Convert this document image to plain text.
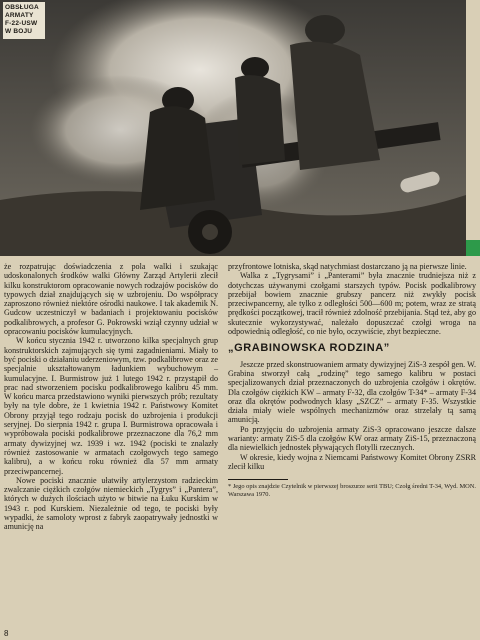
OBSŁUGA
ARMATY
F-22-USW
W BOJU

że rozpatrując doświadczenia z pola walki i szukając udoskonalonych środków walki Główny Zarząd Artylerii zlecił kilku konstruktorom opracowanie nowych rodzajów pocisków do typowych dział znajdujących się w uzbrojeniu. Do współpracy zaproszono również niektóre ośrodki naukowe. I tak akademik N. Gudcow uczestniczył w badaniach i projektowaniu pocisków podkalibrowych, a profesor G. Pokrowski wziął czynny udział w opracowaniu pocisków kumulacyjnych.

W końcu stycznia 1942 r. utworzono kilka specjalnych grup konstruktorskich zajmujących się tymi zagadnieniami. Miały to być pociski o działaniu uderzeniowym, tzw. podkalibrowe oraz ze specjalnie ukształtowanym ładunkiem wybuchowym – kumulacyjne. I. Burmistrow już 1 lutego 1942 r. przystąpił do prac nad stworzeniem pocisku podkalibrowego kalibru 45 mm. W końcu marca przedstawiono wyniki pierwszych prób; rezultaty były na tyle dobre, że 1 kwietnia 1942 r. Państwowy Komitet Obrony przyjął tego rodzaju pocisk do uzbrojenia i produkcji seryjnej. Do sierpnia 1942 r. grupa I. Burmistrowa opracowała i wypróbowała pociski podkalibrowe przeznaczone dla 76,2 mm armaty dywizyjnej wz. 1939 i wz. 1942 (pociski te znalazły również zastosowanie w armatach czołgowych tego samego kalibru), a w końcu roku również dla 57 mm armaty przeciwpancernej.

Nowe pociski znacznie ułatwiły artylerzystom radzieckim zwalczanie ciężkich czołgów niemieckich „Tygrys” i „Pantera”, których w dużych ilościach użyto w bitwie na Łuku Kurskim w 1943 r. pod Kurskiem. Niezależnie od tego, te pociski były wypadki, że samoloty wprost z fabryk zaopatrywały jednostki w amunicję na

przyfrontowe lotniska, skąd natychmiast dostarczano ją na pierwsze linie.

Walka z „Tygrysami” i „Panterami” była znacznie trudniejsza niż z dotychczas używanymi czołgami starszych typów. Pocisk podkalibrowy przebijał bowiem znacznie grubszy pancerz niż zwykły pocisk przeciwpancerny, ale tylko z odległości 500—600 m; potem, wraz ze stratą prędkości początkowej, tracił również zdolność przebijania. Stąd też, aby go skutecznie wykorzystywać, należało dopuszczać czołgi wroga na odpowiednią odległość, co nie było, oczywiście, zbyt bezpieczne.

„GRABINOWSKA RODZINA”

Jeszcze przed skonstruowaniem armaty dywizyjnej ZiS-3 zespół gen. W. Grabina stworzył całą „rodzinę” tego samego kalibru w postaci specjalizowanych dział przeznaczonych do uzbrojenia czołgów i okrętów. Dla czołgów ciężkich KW – armaty F-32, dla czołgów T-34* – armaty F-34 oraz dla okrętów podwodnych klasy „SZCZ” – armaty F-35. Wszystkie działa miały wiele wspólnych mechanizmów oraz strzelały tą samą amunicją.

Po przyjęciu do uzbrojenia armaty ZiS-3 opracowano jeszcze dalsze warianty: armaty ZiS-5 dla czołgów KW oraz armaty ZiS-15, przeznaczoną dla niewielkich jednostek pływających flotylli rzecznych.

W okresie, kiedy wojna z Niemcami Państwowy Komitet Obrony ZSRR zlecił kilku

* Jego opis znajdzie Czytelnik w pierwszej broszurze serii TBU; Czołg średni T-34, Wyd. MON. Warszawa 1970.

8
